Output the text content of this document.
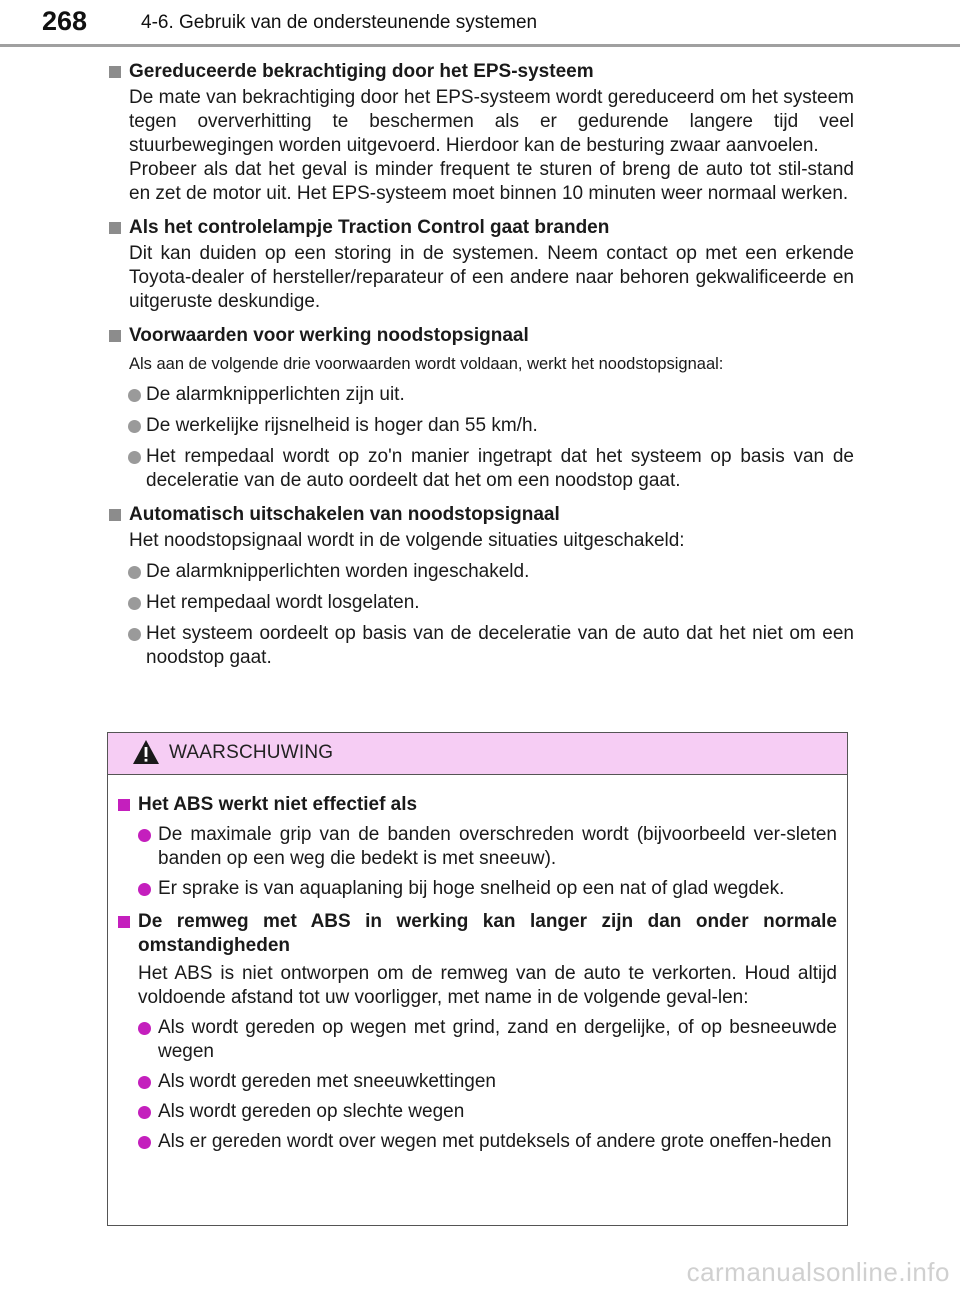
268	4-6. Gebruik van de ondersteunende systemen
Gereduceerde bekrachtiging door het EPS-systeem
De mate van bekrachtiging door het EPS-systeem wordt gereduceerd om het systeem tegen oververhitting te beschermen als er gedurende langere tijd veel stuurbewegingen worden uitgevoerd. Hierdoor kan de besturing zwaar aanvoelen.
Probeer als dat het geval is minder frequent te sturen of breng de auto tot stil-stand en zet de motor uit. Het EPS-systeem moet binnen 10 minuten weer normaal werken.
Als het controlelampje Traction Control gaat branden
Dit kan duiden op een storing in de systemen. Neem contact op met een erkende Toyota-dealer of hersteller/reparateur of een andere naar behoren gekwalificeerde en uitgeruste deskundige.
Voorwaarden voor werking noodstopsignaal
Als aan de volgende drie voorwaarden wordt voldaan, werkt het noodstopsignaal:
De alarmknipperlichten zijn uit.
De werkelijke rijsnelheid is hoger dan 55 km/h.
Het rempedaal wordt op zo'n manier ingetrapt dat het systeem op basis van de deceleratie van de auto oordeelt dat het om een noodstop gaat.
Automatisch uitschakelen van noodstopsignaal
Het noodstopsignaal wordt in de volgende situaties uitgeschakeld:
De alarmknipperlichten worden ingeschakeld.
Het rempedaal wordt losgelaten.
Het systeem oordeelt op basis van de deceleratie van de auto dat het niet om een noodstop gaat.
WAARSCHUWING
Het ABS werkt niet effectief als
De maximale grip van de banden overschreden wordt (bijvoorbeeld ver-sleten banden op een weg die bedekt is met sneeuw).
Er sprake is van aquaplaning bij hoge snelheid op een nat of glad wegdek.
De remweg met ABS in werking kan langer zijn dan onder normale omstandigheden
Het ABS is niet ontworpen om de remweg van de auto te verkorten. Houd altijd voldoende afstand tot uw voorligger, met name in de volgende geval-len:
Als wordt gereden op wegen met grind, zand en dergelijke, of op besneeuwde wegen
Als wordt gereden met sneeuwkettingen
Als wordt gereden op slechte wegen
Als er gereden wordt over wegen met putdeksels of andere grote oneffen-heden
carmanualsonline.info
